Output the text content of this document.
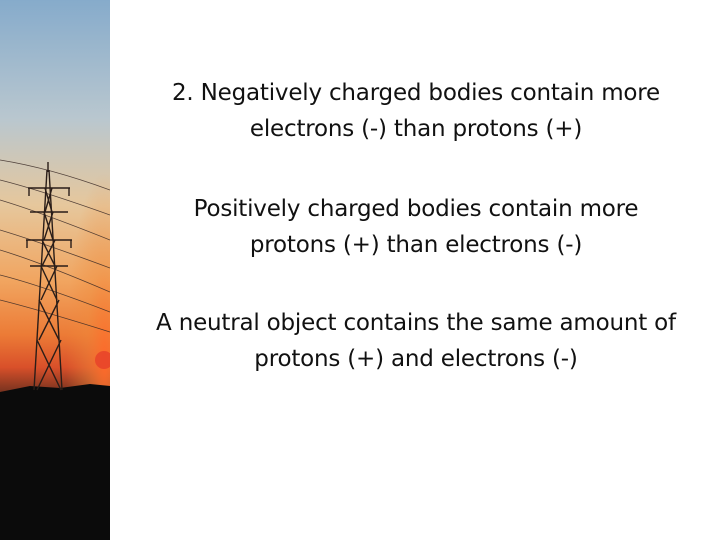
2. Negatively charged bodies contain more
electrons (-) than protons (+)
Positively charged bodies contain more
protons (+) than electrons (-)
A neutral object contains the same amount of
protons (+) and electrons (-)
